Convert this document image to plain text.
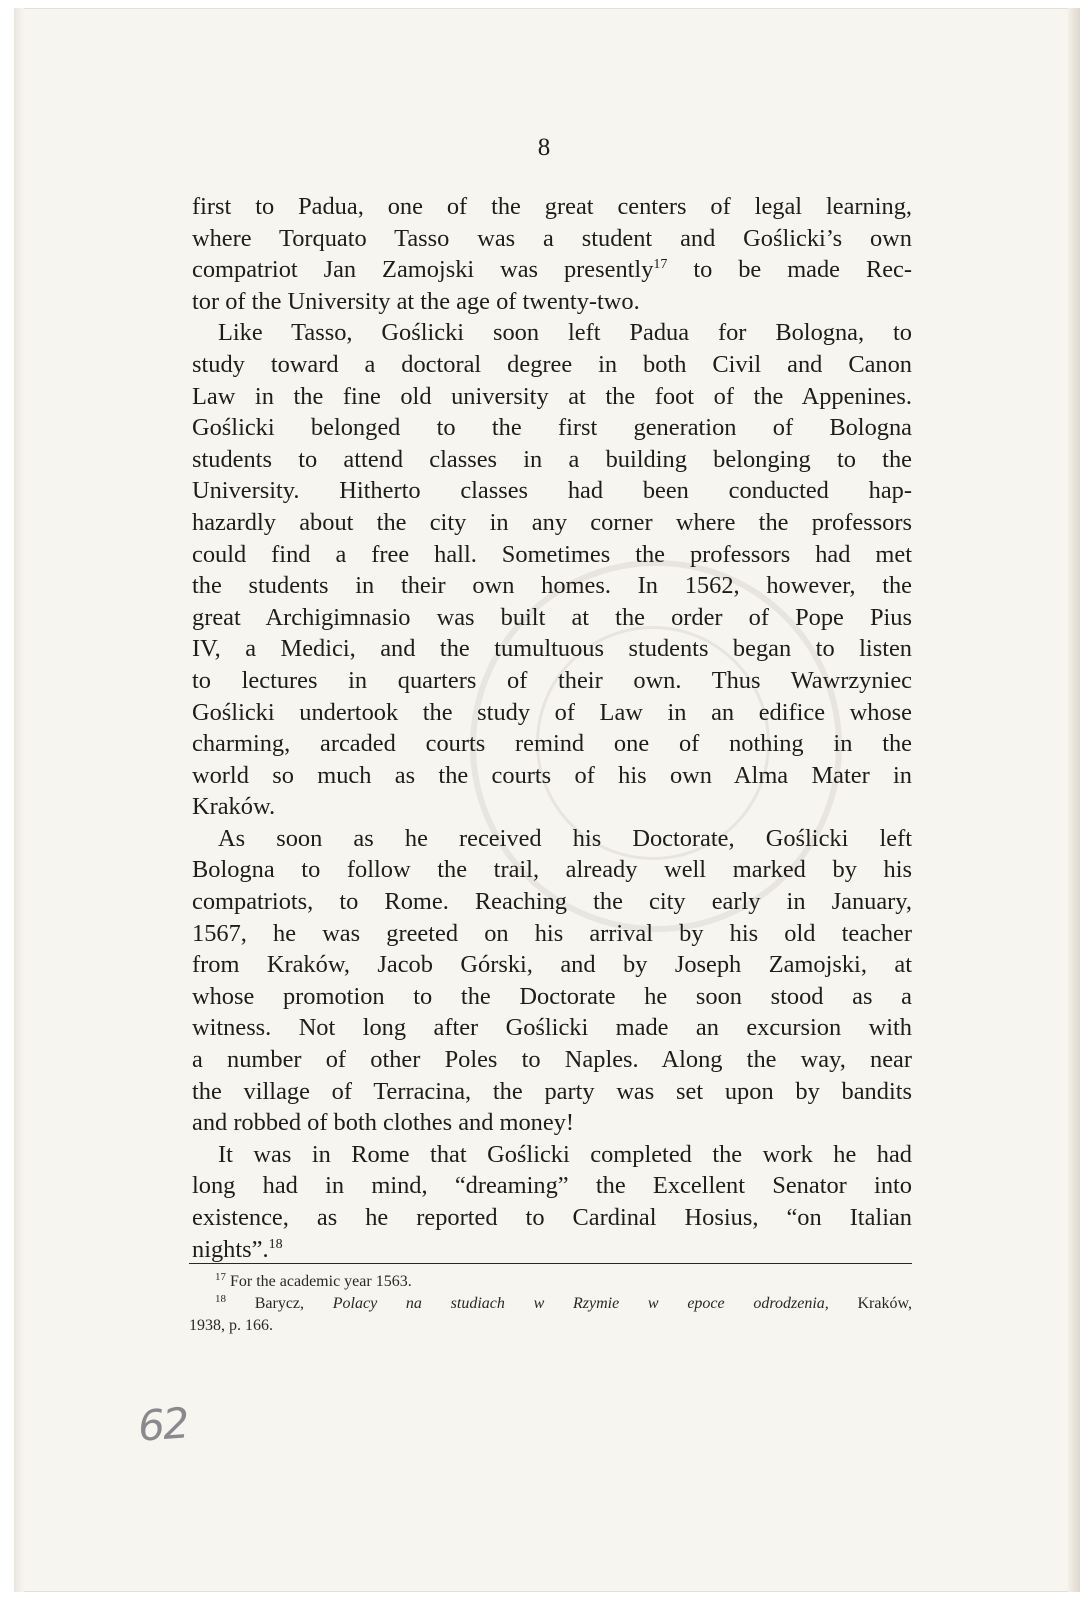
8
first to Padua, one of the great centers of legal learning,
where Torquato Tasso was a student and Goślicki’s own
compatriot Jan Zamojski was presently$^{17}$ to be made Rec-
tor of the University at the age of twenty-two.
Like Tasso, Goślicki soon left Padua for Bologna, to
study toward a doctoral degree in both Civil and Canon
Law in the fine old university at the foot of the Appenines.
Goślicki belonged to the first generation of Bologna
students to attend classes in a building belonging to the
University. Hitherto classes had been conducted hap-
hazardly about the city in any corner where the professors
could find a free hall. Sometimes the professors had met
the students in their own homes. In 1562, however, the
great Archigimnasio was built at the order of Pope Pius
IV, a Medici, and the tumultuous students began to listen
to lectures in quarters of their own. Thus Wawrzyniec
Goślicki undertook the study of Law in an edifice whose
charming, arcaded courts remind one of nothing in the
world so much as the courts of his own Alma Mater in
Kraków.
As soon as he received his Doctorate, Goślicki left
Bologna to follow the trail, already well marked by his
compatriots, to Rome. Reaching the city early in January,
1567, he was greeted on his arrival by his old teacher
from Kraków, Jacob Górski, and by Joseph Zamojski, at
whose promotion to the Doctorate he soon stood as a
witness. Not long after Goślicki made an excursion with
a number of other Poles to Naples. Along the way, near
the village of Terracina, the party was set upon by bandits
and robbed of both clothes and money!
It was in Rome that Goślicki completed the work he had
long had in mind, “dreaming” the Excellent Senator into
existence, as he reported to Cardinal Hosius, “on Italian
nights”.$^{18}$
$^{17}$ For the academic year 1563.
$^{18}$ Barycz, Polacy na studiach w Rzymie w epoce odrodzenia, Kraków,
1938, p. 166.
62
